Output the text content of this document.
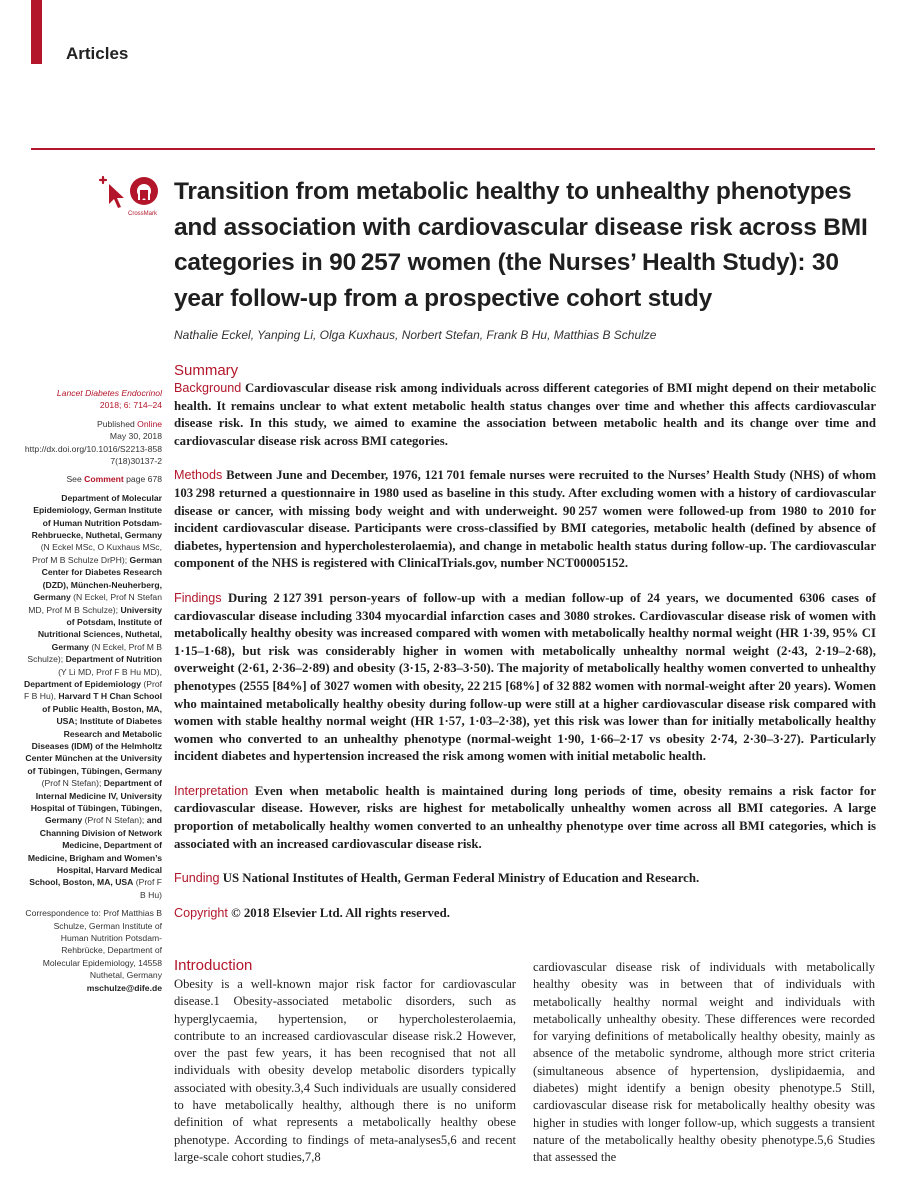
Articles
CrossMark
Transition from metabolic healthy to unhealthy phenotypes and association with cardiovascular disease risk across BMI categories in 90 257 women (the Nurses’ Health Study): 30 year follow-up from a prospective cohort study
Nathalie Eckel, Yanping Li, Olga Kuxhaus, Norbert Stefan, Frank B Hu, Matthias B Schulze
Summary

Lancet Diabetes Endocrinol

2018; 6: 714–24

Published Online

May 30, 2018

http://dx.doi.org/10.1016/S2213-8587(18)30137-2

See Comment page 678

Department of Molecular Epidemiology, German Institute of Human Nutrition Potsdam-Rehbruecke, Nuthetal, Germany (N Eckel MSc, O Kuxhaus MSc, Prof M B Schulze DrPH); German Center for Diabetes Research (DZD), München-Neuherberg, Germany (N Eckel, Prof N Stefan MD, Prof M B Schulze); University of Potsdam, Institute of Nutritional Sciences, Nuthetal, Germany (N Eckel, Prof M B Schulze); Department of Nutrition (Y Li MD, Prof F B Hu MD), Department of Epidemiology (Prof F B Hu), Harvard T H Chan School of Public Health, Boston, MA, USA; Institute of Diabetes Research and Metabolic Diseases (IDM) of the Helmholtz Center München at the University of Tübingen, Tübingen, Germany (Prof N Stefan); Department of Internal Medicine IV, University Hospital of Tübingen, Tübingen, Germany (Prof N Stefan); and Channing Division of Network Medicine, Department of Medicine, Brigham and Women’s Hospital, Harvard Medical School, Boston, MA, USA (Prof F B Hu)

Correspondence to: Prof Matthias B Schulze, German Institute of Human Nutrition Potsdam-Rehbrücke, Department of Molecular Epidemiology, 14558 Nuthetal, Germany

mschulze@dife.de

Background Cardiovascular disease risk among individuals across different categories of BMI might depend on their metabolic health. It remains unclear to what extent metabolic health status changes over time and whether this affects cardiovascular disease risk. In this study, we aimed to examine the association between metabolic health and its change over time and cardiovascular disease risk across BMI categories.

Methods Between June and December, 1976, 121 701 female nurses were recruited to the Nurses’ Health Study (NHS) of whom 103 298 returned a questionnaire in 1980 used as baseline in this study. After excluding women with a history of cardiovascular disease or cancer, with missing body weight and with underweight. 90 257 women were followed-up from 1980 to 2010 for incident cardiovascular disease. Participants were cross-classified by BMI categories, metabolic health (defined by absence of diabetes, hypertension and hypercholesterolaemia), and change in metabolic health status during follow-up. The cardiovascular component of the NHS is registered with ClinicalTrials.gov, number NCT00005152.

Findings During 2 127 391 person-years of follow-up with a median follow-up of 24 years, we documented 6306 cases of cardiovascular disease including 3304 myocardial infarction cases and 3080 strokes. Cardiovascular disease risk of women with metabolically healthy obesity was increased compared with women with metabolically healthy normal weight (HR 1·39, 95% CI 1·15–1·68), but risk was considerably higher in women with metabolically unhealthy normal weight (2·43, 2·19–2·68), overweight (2·61, 2·36–2·89) and obesity (3·15, 2·83–3·50). The majority of metabolically healthy women converted to unhealthy phenotypes (2555 [84%] of 3027 women with obesity, 22 215 [68%] of 32 882 women with normal-weight after 20 years). Women who maintained metabolically healthy obesity during follow-up were still at a higher cardiovascular disease risk compared with women with stable healthy normal weight (HR 1·57, 1·03–2·38), yet this risk was lower than for initially metabolically healthy women who converted to an unhealthy phenotype (normal-weight 1·90, 1·66–2·17 vs obesity 2·74, 2·30–3·27). Particularly incident diabetes and hypertension increased the risk among women with initial metabolic health.

Interpretation Even when metabolic health is maintained during long periods of time, obesity remains a risk factor for cardiovascular disease. However, risks are highest for metabolically unhealthy women across all BMI categories. A large proportion of metabolically healthy women converted to an unhealthy phenotype over time across all BMI categories, which is associated with an increased cardiovascular disease risk.

Funding US National Institutes of Health, German Federal Ministry of Education and Research.

Copyright © 2018 Elsevier Ltd. All rights reserved.

Introduction

Obesity is a well-known major risk factor for cardiovascular disease.1 Obesity-associated metabolic disorders, such as hyperglycaemia, hypertension, or hypercholesterolaemia, contribute to an increased cardiovascular disease risk.2 However, over the past few years, it has been recognised that not all individuals with obesity develop metabolic disorders typically associated with obesity.3,4 Such individuals are usually considered to have metabolically healthy, although there is no uniform definition of what represents a metabolically healthy obese phenotype. According to findings of meta-analyses5,6 and recent large-scale cohort studies,7,8

cardiovascular disease risk of individuals with metabolically healthy obesity was in between that of individuals with metabolically healthy normal weight and individuals with metabolically unhealthy obesity. These differences were recorded for varying definitions of metabolically healthy obesity, mainly as absence of the metabolic syndrome, although more strict criteria (simultaneous absence of hypertension, dyslipidaemia, and diabetes) might identify a benign obesity phenotype.5 Still, cardiovascular disease risk for metabolically healthy obesity was higher in studies with longer follow-up, which suggests a transient nature of the metabolically healthy obesity phenotype.5,6 Studies that assessed the
